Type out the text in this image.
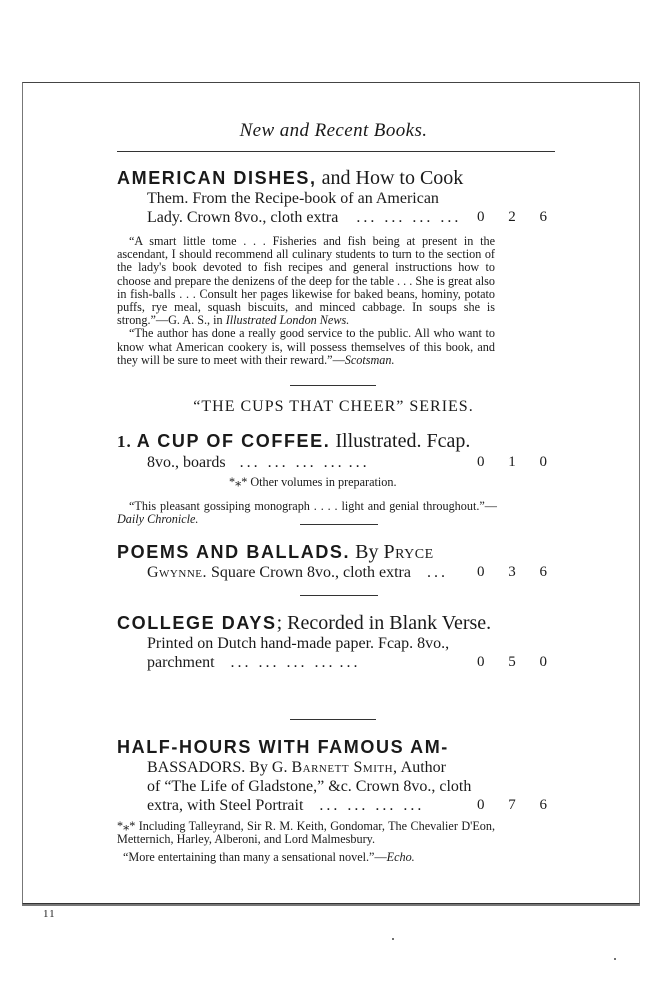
New and Recent Books.
AMERICAN DISHES, and How to Cook
Them. From the Recipe-book of an American
Lady. Crown 8vo., cloth extra ... ... ... ... 0 2 6
“A smart little tome . . . Fisheries and fish being at present in the ascendant, I should recommend all culinary students to turn to the section of the lady's book devoted to fish recipes and general instructions how to choose and prepare the denizens of the deep for the table . . . She is great also in fish-balls . . . Consult her pages likewise for baked beans, hominy, potato puffs, rye meal, squash biscuits, and minced cabbage. In soups she is strong.”—G. A. S., in Illustrated London News.
“The author has done a really good service to the public. All who want to know what American cookery is, will possess themselves of this book, and they will be sure to meet with their reward.”—Scotsman.
“THE CUPS THAT CHEER” SERIES.
1. A CUP OF COFFEE. Illustrated. Fcap.
8vo., boards ... ... ... ... ...	0 1 0
*⁎* Other volumes in preparation.
“This pleasant gossiping monograph . . . . light and genial throughout.”—Daily Chronicle.
POEMS AND BALLADS. By Pryce
Gwynne. Square Crown 8vo., cloth extra ... 0 3 6
COLLEGE DAYS; Recorded in Blank Verse.
Printed on Dutch hand-made paper. Fcap. 8vo.,
parchment ... ... ... ... ...	0 5 0
HALF-HOURS WITH FAMOUS AM-
BASSADORS. By G. Barnett Smith, Author
of “The Life of Gladstone,” &c. Crown 8vo., cloth
extra, with Steel Portrait ... ... ... ...	0 7 6
*⁎* Including Talleyrand, Sir R. M. Keith, Gondomar, The Chevalier D'Eon, Metternich, Harley, Alberoni, and Lord Malmesbury.
“More entertaining than many a sensational novel.”—Echo.
11
